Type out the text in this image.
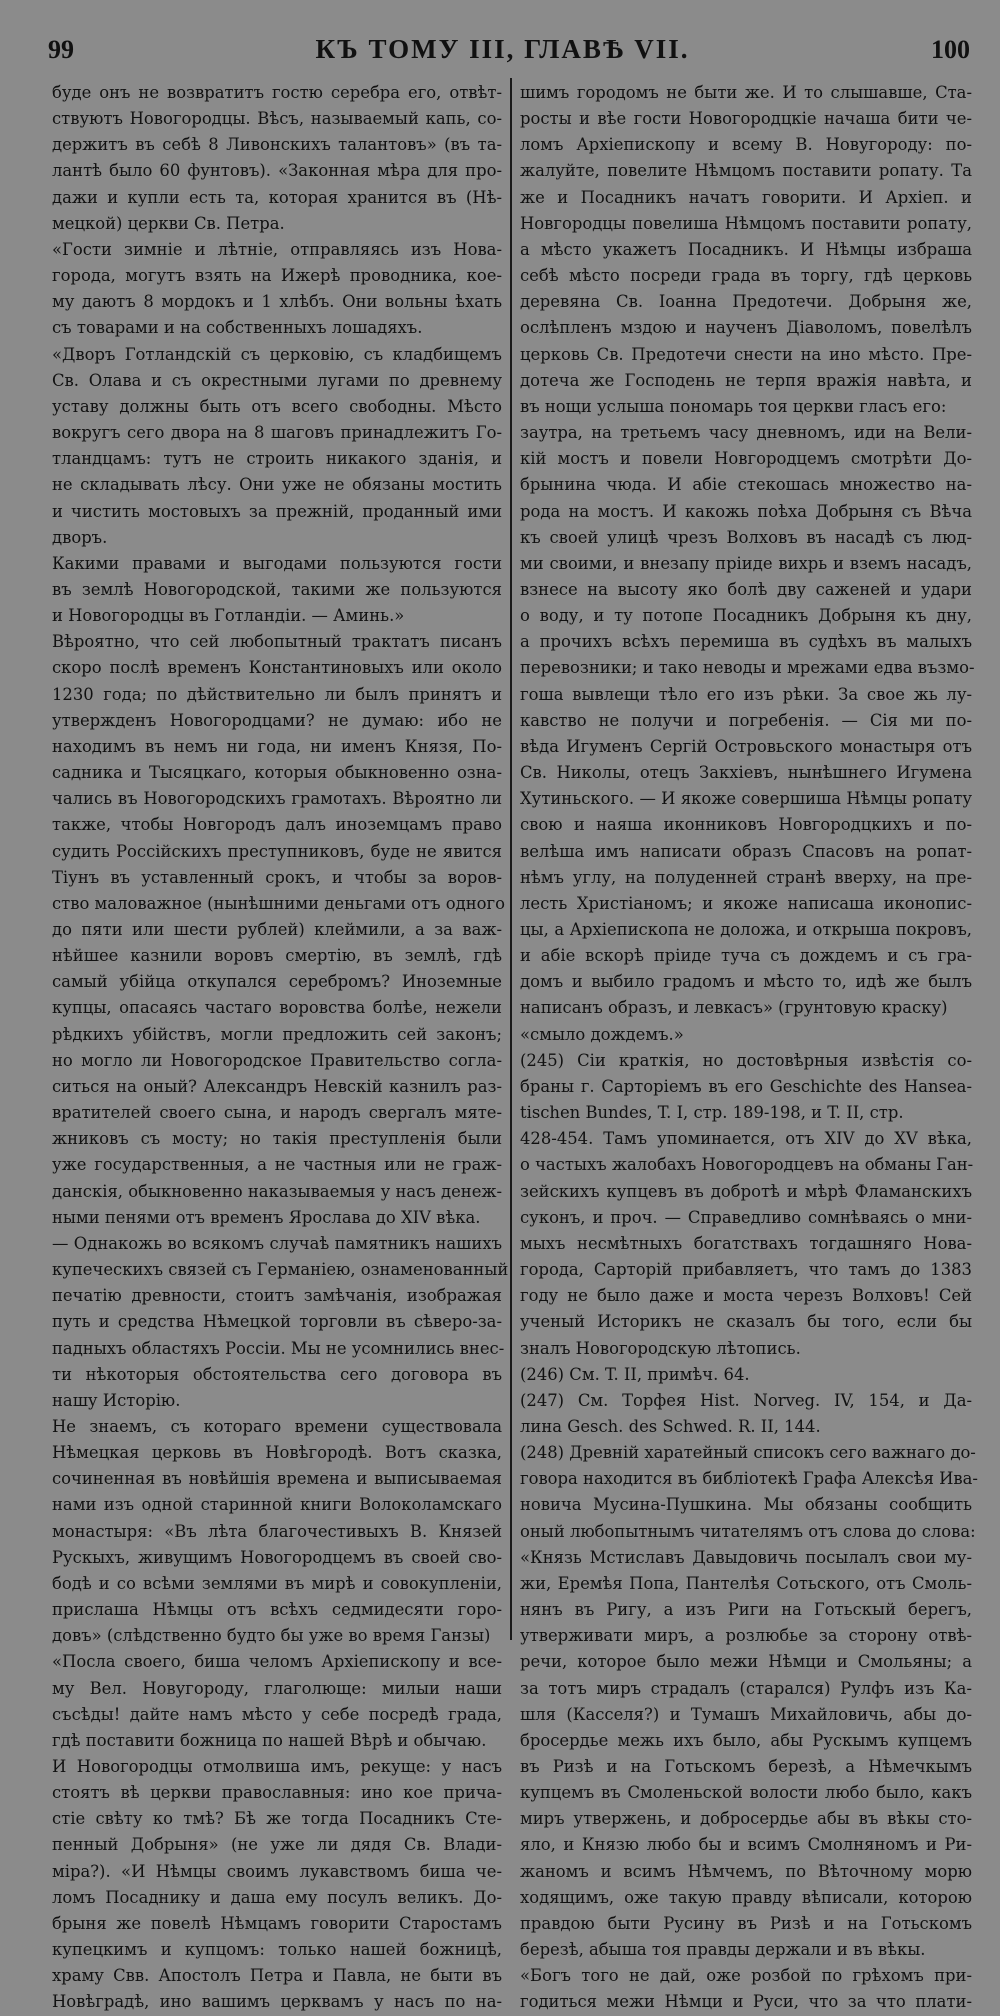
99	КЪ ТОМУ III, ГЛАВѢ VII.	100
буде онъ не возвратитъ гостю серебра его, отвѣт-
ствуютъ Новогородцы. Вѣсъ, называемый капь, со-
держитъ въ себѣ 8 Ливонскихъ талантовъ» (въ та-
лантѣ было 60 фунтовъ). «Законная мѣра для про-
дажи и купли есть та, которая хранится въ (Нѣ-
мецкой) церкви Св. Петра.
«Гости зимніе и лѣтніе, отправляясь изъ Нова-
города, могутъ взять на Ижерѣ проводника, кое-
му даютъ 8 мордокъ и 1 хлѣбъ. Они вольны ѣхать
съ товарами и на собственныхъ лошадяхъ.
«Дворъ Готландскій съ церковію, съ кладбищемъ
Св. Олава и съ окрестными лугами по древнему
уставу должны быть отъ всего свободны. Мѣсто
вокругъ сего двора на 8 шаговъ принадлежитъ Го-
тландцамъ: тутъ не строить никакого зданія, и
не складывать лѣсу. Они уже не обязаны мостить
и чистить мостовыхъ за прежній, проданный ими
дворъ.
Какими правами и выгодами пользуются гости
въ землѣ Новогородской, такими же пользуются
и Новогородцы въ Готландіи. — Аминь.»
Вѣроятно, что сей любопытный трактатъ писанъ
скоро послѣ временъ Константиновыхъ или около
1230 года; по дѣйствительно ли былъ принятъ и
утвержденъ Новогородцами? не думаю: ибо не
находимъ въ немъ ни года, ни именъ Князя, По-
садника и Тысяцкаго, которыя обыкновенно озна-
чались въ Новогородскихъ грамотахъ. Вѣроятно ли
также, чтобы Новгородъ далъ иноземцамъ право
судить Россійскихъ преступниковъ, буде не явится
Тіунъ въ уставленный срокъ, и чтобы за воров-
ство маловажное (нынѣшними деньгами отъ одного
до пяти или шести рублей) клеймили, а за важ-
нѣйшее казнили воровъ смертію, въ землѣ, гдѣ
самый убійца откупался серебромъ? Иноземные
купцы, опасаясь частаго воровства болѣе, нежели
рѣдкихъ убійствъ, могли предложить сей законъ;
но могло ли Новогородское Правительство согла-
ситься на оный? Александръ Невскій казнилъ раз-
вратителей своего сына, и народъ свергалъ мяте-
жниковъ съ мосту; но такія преступленія были
уже государственныя, а не частныя или не граж-
данскія, обыкновенно наказываемыя у насъ денеж-
ными пенями отъ временъ Ярослава до XIV вѣка.
— Однакожь во всякомъ случаѣ памятникъ нашихъ
купеческихъ связей съ Германіею, ознаменованный
печатію древности, стоитъ замѣчанія, изображая
путь и средства Нѣмецкой торговли въ сѣверо-за-
падныхъ областяхъ Россіи. Мы не усомнились внес-
ти нѣкоторыя обстоятельства сего договора въ
нашу Исторію.
Не знаемъ, съ котораго времени существовала
Нѣмецкая церковь въ Новѣгородѣ. Вотъ сказка,
сочиненная въ новѣйшія времена и выписываемая
нами изъ одной старинной книги Волоколамскаго
монастыря: «Въ лѣта благочестивыхъ В. Князей
Рускыхъ, живущимъ Новогородцемъ въ своей сво-
бодѣ и со всѣми землями въ мирѣ и совокупленіи,
прислаша Нѣмцы отъ всѣхъ седмидесяти горо-
довъ» (слѣдственно будто бы уже во время Ганзы)
«Посла своего, биша челомъ Архіепископу и все-
му Вел. Новугороду, глаголюще: милыи наши
съсѣды! дайте намъ мѣсто у себе посредѣ града,
гдѣ поставити божница по нашей Вѣрѣ и обычаю.
И Новогородцы отмолвиша имъ, рекуще: у насъ
стоятъ вѣ церкви православныя: ино кое прича-
стіе свѣту ко тмѣ? Бѣ же тогда Посадникъ Сте-
пенный Добрыня» (не уже ли дядя Св. Влади-
міра?). «И Нѣмцы своимъ лукавствомъ биша че-
ломъ Посаднику и даша ему посулъ великъ. До-
брыня же повелѣ Нѣмцамъ говорити Старостамъ
купецкимъ и купцомъ: только нашей божницѣ,
храму Свв. Апостолъ Петра и Павла, не быти въ
Новѣградѣ, ино вашимъ церквамъ у насъ по на-
шимъ городомъ не быти же. И то слышавше, Ста-
росты и вѣе гости Новогородцкіе начаша бити че-
ломъ Архіепископу и всему В. Новугороду: по-
жалуйте, повелите Нѣмцомъ поставити ропату. Та
же и Посадникъ начатъ говорити. И Архіеп. и
Новгородцы повелиша Нѣмцомъ поставити ропату,
а мѣсто укажетъ Посадникъ. И Нѣмцы избраша
себѣ мѣсто посреди града въ торгу, гдѣ церковь
деревяна Св. Іоанна Предотечи. Добрыня же,
ослѣпленъ мздою и наученъ Діаволомъ, повелѣлъ
церковь Св. Предотечи снести на ино мѣсто. Пре-
дотеча же Господень не терпя вражія навѣта, и
въ нощи услыша пономарь тоя церкви гласъ его:
заутра, на третьемъ часу дневномъ, иди на Вели-
кій мостъ и повели Новгородцемъ смотрѣти До-
брынина чюда. И абіе стекошась множество на-
рода на мостъ. И какожь поѣха Добрыня съ Вѣча
къ своей улицѣ чрезъ Волховъ въ насадѣ съ люд-
ми своими, и внезапу пріиде вихрь и вземъ насадъ,
взнесе на высоту яко болѣ дву саженей и удари
о воду, и ту потопе Посадникъ Добрыня къ дну,
а прочихъ всѣхъ перемиша въ судѣхъ въ малыхъ
перевозники; и тако неводы и мрежами едва възмо-
гоша вывлещи тѣло его изъ рѣки. За свое жь лу-
кавство не получи и погребенія. — Сія ми по-
вѣда Игуменъ Сергій Островьского монастыря отъ
Св. Николы, отецъ Закхіевъ, нынѣшнего Игумена
Хутиньского. — И якоже совершиша Нѣмцы ропату
свою и наяша иконниковъ Новгородцкихъ и по-
велѣша имъ написати образъ Спасовъ на ропат-
нѣмъ углу, на полуденней странѣ вверху, на пре-
лесть Христіаномъ; и якоже написаша иконопис-
цы, а Архіепископа не доложа, и открыша покровъ,
и абіе вскорѣ пріиде туча съ дождемъ и съ гра-
домъ и выбило градомъ и мѣсто то, идѣ же былъ
написанъ образъ, и левкасъ» (грунтовую краску)
«смыло дождемъ.»
(245) Сіи краткія, но достовѣрныя извѣстія со-
браны г. Сарторіемъ въ его Geschichte des Hanseа-
tischen Bundes, T. I, стр. 189-198, и T. II, стр.
428-454. Тамъ упоминается, отъ XIV до XV вѣка,
о частыхъ жалобахъ Новогородцевъ на обманы Ган-
зейскихъ купцевъ въ добротѣ и мѣрѣ Фламанскихъ
суконъ, и проч. — Справедливо сомнѣваясь о мни-
мыхъ несмѣтныхъ богатствахъ тогдашняго Нова-
города, Сарторій прибавляетъ, что тамъ до 1383
году не было даже и моста черезъ Волховъ! Сей
ученый Историкъ не сказалъ бы того, если бы
зналъ Новогородскую лѣтопись.
(246) См. T. II, примѣч. 64.
(247) См. Торфея Hist. Norveg. IV, 154, и Да-
лина Gesch. des Schwed. R. II, 144.
(248) Древній харатейный списокъ сего важнаго до-
говора находится въ библіотекѣ Графа Алексѣя Ива-
новича Мусина-Пушкина. Мы обязаны сообщить
оный любопытнымъ читателямъ отъ слова до слова:
«Князь Мстиславъ Давыдовичь посылалъ свои му-
жи, Еремѣя Попа, Пантелѣя Сотьского, отъ Смоль-
нянъ въ Ригу, а изъ Риги на Готьскый берегъ,
утверживати миръ, а розлюбье за сторону отвѣ-
речи, которое было межи Нѣмци и Смольяны; а
за тотъ миръ страдалъ (старался) Рулфъ изъ Ка-
шля (Касселя?) и Тумашъ Михайловичь, абы до-
бросердье межь ихъ было, абы Рускымъ купцемъ
въ Ризѣ и на Готьскомъ березѣ, а Нѣмечкымъ
купцемъ въ Смоленьской волости любо было, какъ
миръ утвержень, и добросердье абы въ вѣкы сто-
яло, и Князю любо бы и всимъ Смолняномъ и Ри-
жаномъ и всимъ Нѣмчемъ, по Вѣточному морю
ходящимъ, оже такую правду вѣписали, которою
правдою быти Русину въ Ризѣ и на Готьскомъ
березѣ, абыша тоя правды держали и въ вѣкы.
«Богъ того не дай, оже розбой по грѣхомъ при-
годиться межи Нѣмци и Руси, что за что плати-
